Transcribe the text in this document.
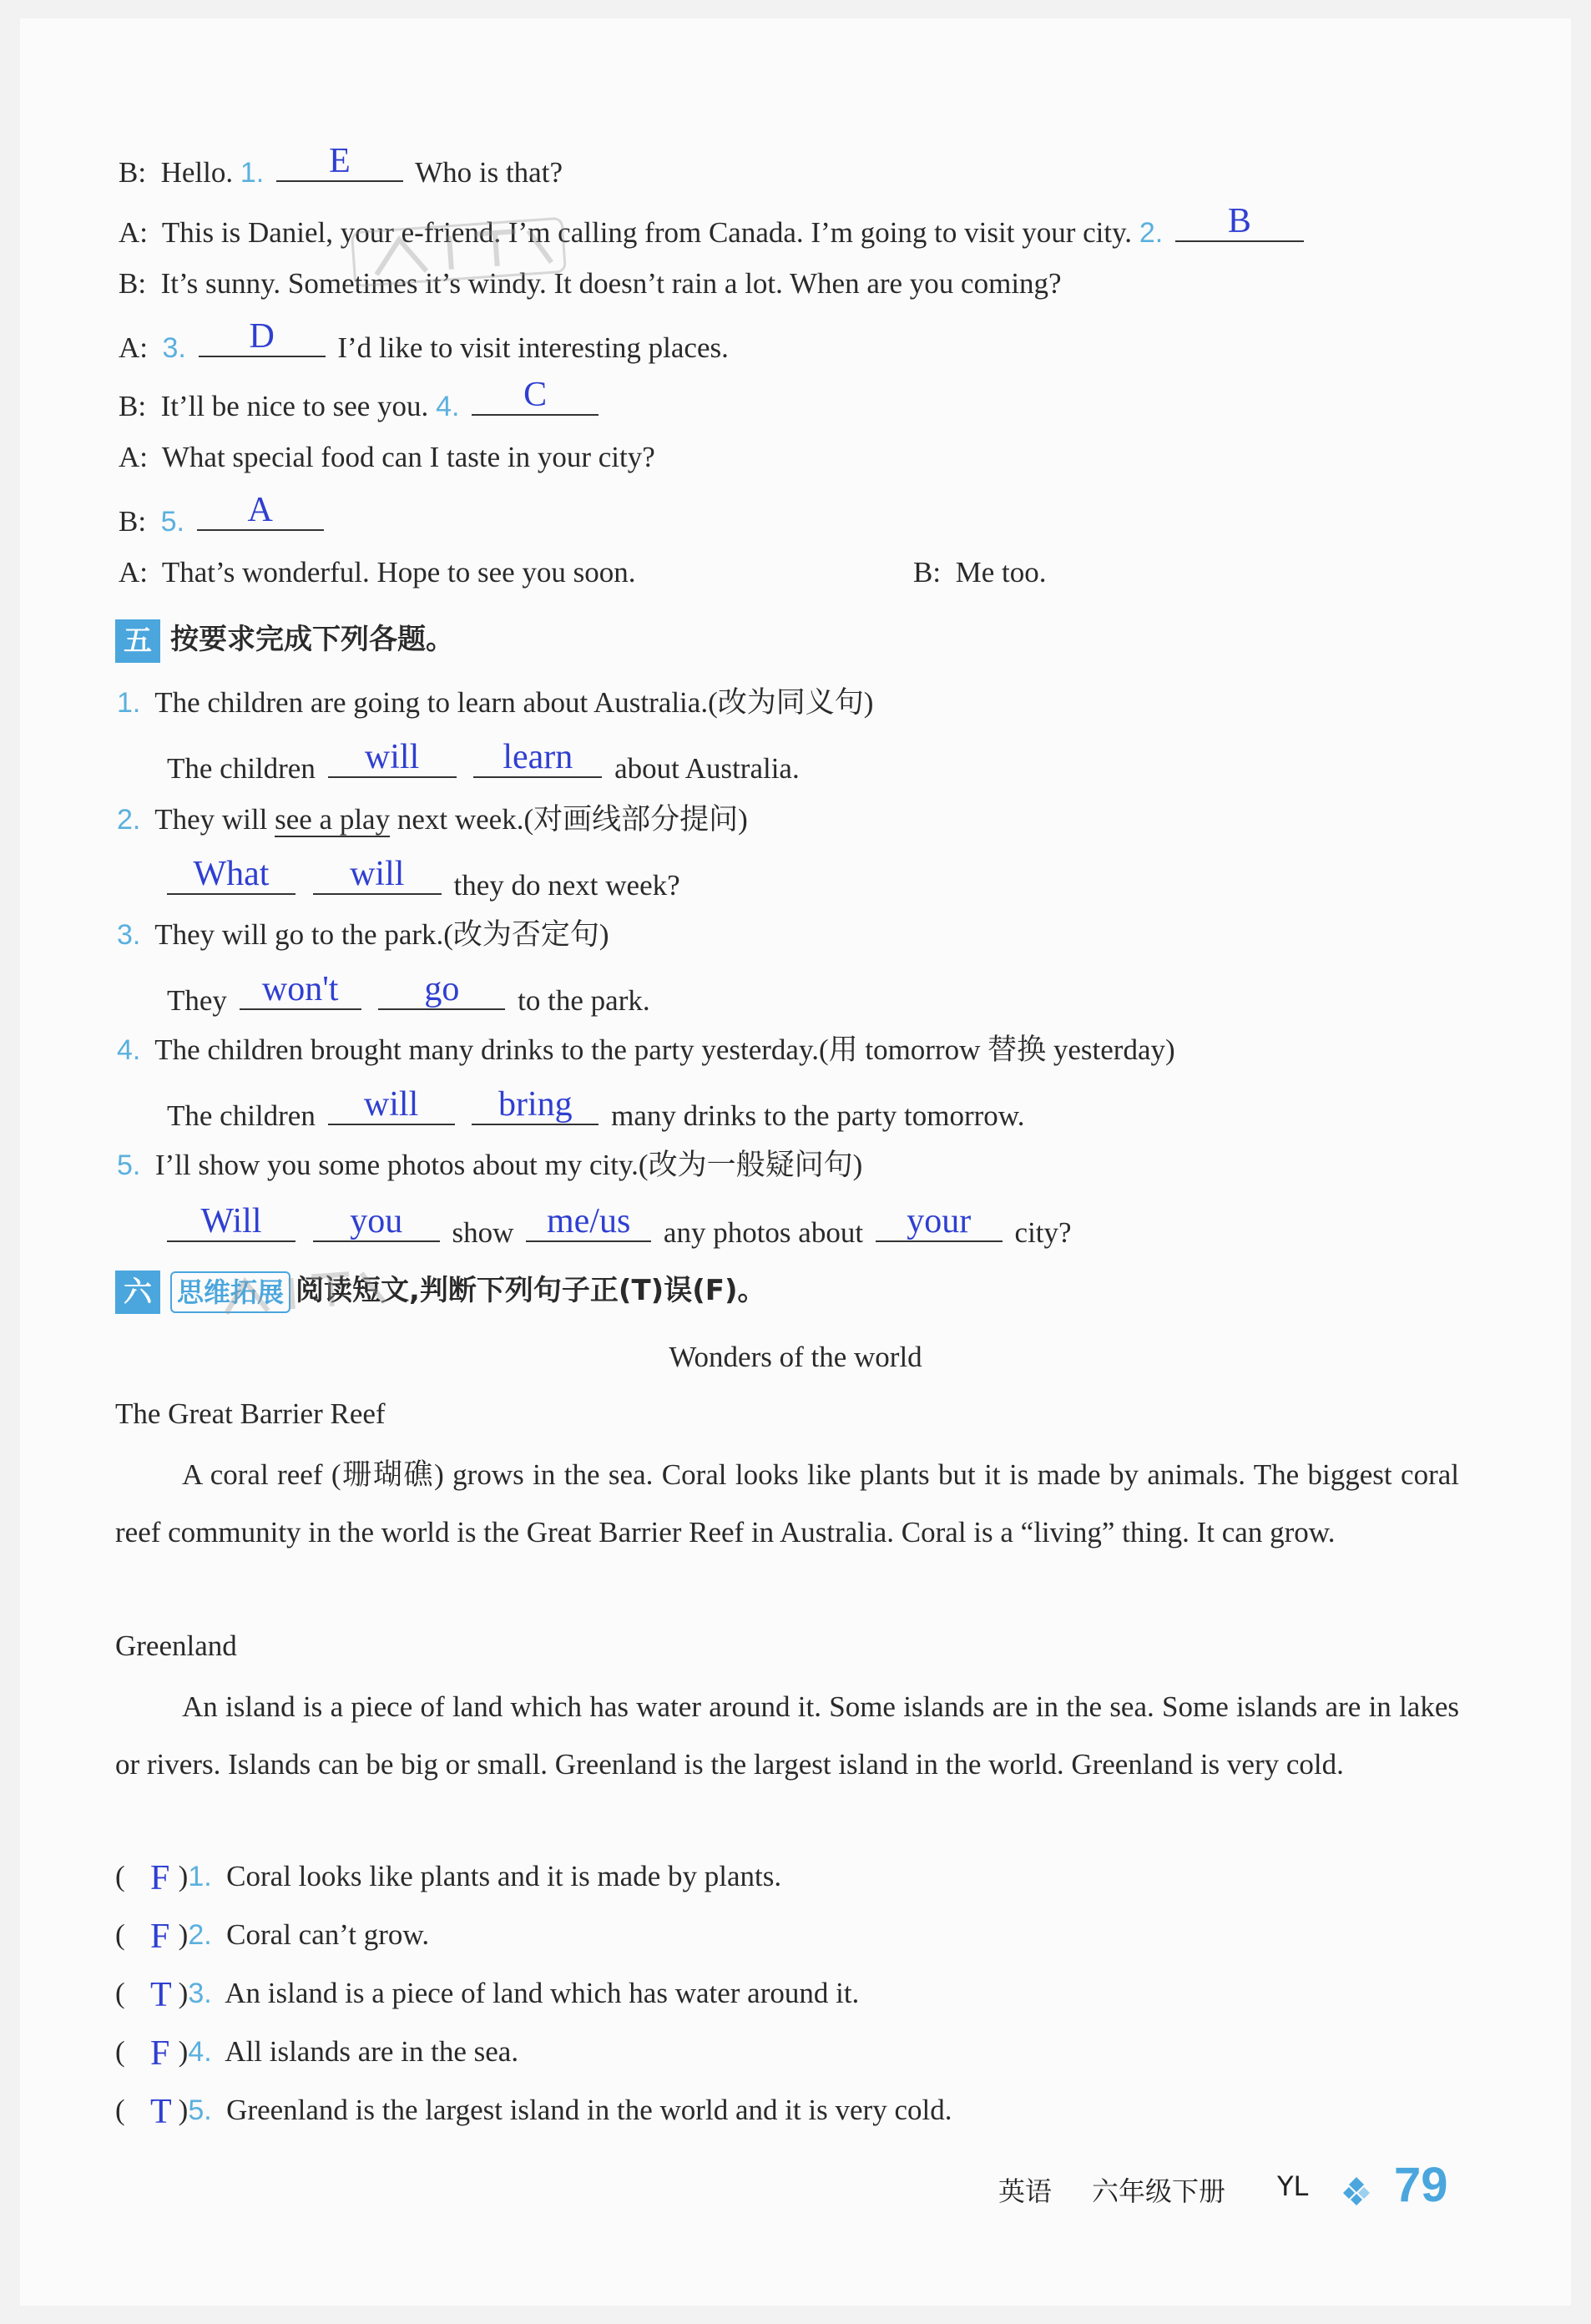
B: Hello. 1.	E	Who is that?
A: This is Daniel, your e-friend. I’m calling from Canada. I’m going to visit your city. 2.	B
B: It’s sunny. Sometimes it’s windy. It doesn’t rain a lot. When are you coming?
A: 3.	D	I’d like to visit interesting places.
B: It’ll be nice to see you. 4.	C
A: What special food can I taste in your city?
B: 5.	A
A: That’s wonderful. Hope to see you soon.	B: Me too.
五 按要求完成下列各题。
1. The children are going to learn about Australia.(改为同义句)
The children	will
	learn	about Australia.
2. They will see a play next week.(对画线部分提问)
What
	will	they do next week?
3. They will go to the park.(改为否定句)
They won't
	go	to the park.
4. The children brought many drinks to the party yesterday.(用 tomorrow 替换 yesterday)
The children	will
	bring	many drinks to the party tomorrow.
5. I’ll show you some photos about my city.(改为一般疑问句)
Will
	you	show me/us	any photos about	your	city?
六 思维拓展 阅读短文,判断下列句子正(T)误(F)。
Wonders of the world
The Great Barrier Reef
A coral reef (珊瑚礁) grows in the sea. Coral looks like plants but it is made by animals. The biggest coral reef community in the world is the Great Barrier Reef in Australia. Coral is a “living” thing. It can grow.
Greenland
An island is a piece of land which has water around it. Some islands are in the sea. Some islands are in lakes or rivers. Islands can be big or small. Greenland is the largest island in the world. Greenland is very cold.
( )1. Coral looks like plants and it is made by plants.
F
( )2. Coral can’t grow.
F
( )3. An island is a piece of land which has water around it.
T
( )4. All islands are in the sea.
F
( )5. Greenland is the largest island in the world and it is very cold.
T
英语 六年级下册 YL 79
